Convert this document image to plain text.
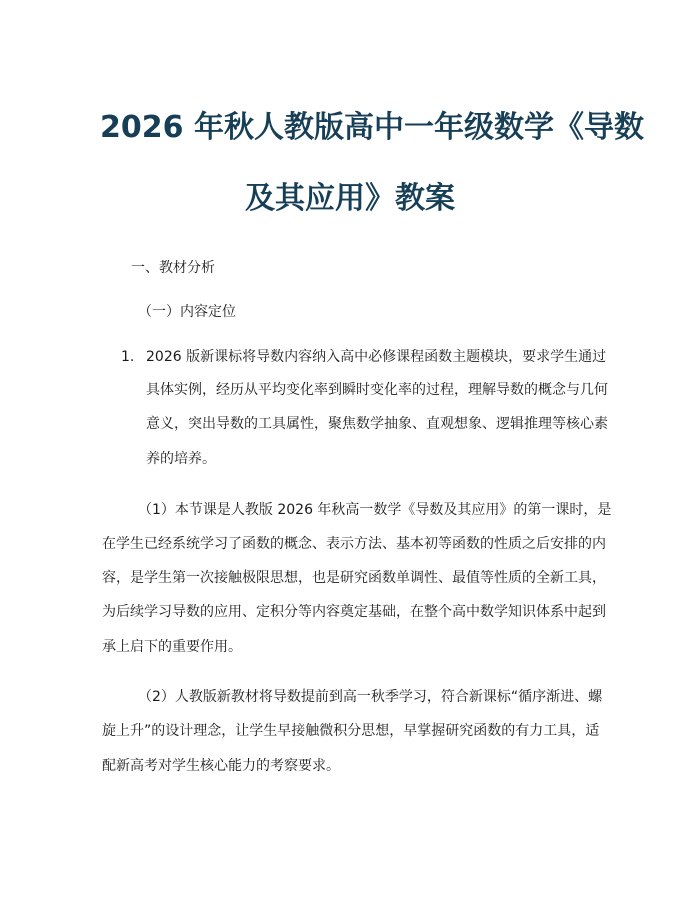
2026 年秋人教版高中一年级数学《导数
及其应用》教案

一、教材分析

（一）内容定位

1. 2026 版新课标将导数内容纳入高中必修课程函数主题模块，要求学生通过

具体实例，经历从平均变化率到瞬时变化率的过程，理解导数的概念与几何

意义，突出导数的工具属性，聚焦数学抽象、直观想象、逻辑推理等核心素

养的培养。

（1）本节课是人教版 2026 年秋高一数学《导数及其应用》的第一课时，是

在学生已经系统学习了函数的概念、表示方法、基本初等函数的性质之后安排的内

容，是学生第一次接触极限思想，也是研究函数单调性、最值等性质的全新工具，

为后续学习导数的应用、定积分等内容奠定基础，在整个高中数学知识体系中起到

承上启下的重要作用。

（2）人教版新教材将导数提前到高一秋季学习，符合新课标“循序渐进、螺

旋上升”的设计理念，让学生早接触微积分思想，早掌握研究函数的有力工具，适

配新高考对学生核心能力的考察要求。
